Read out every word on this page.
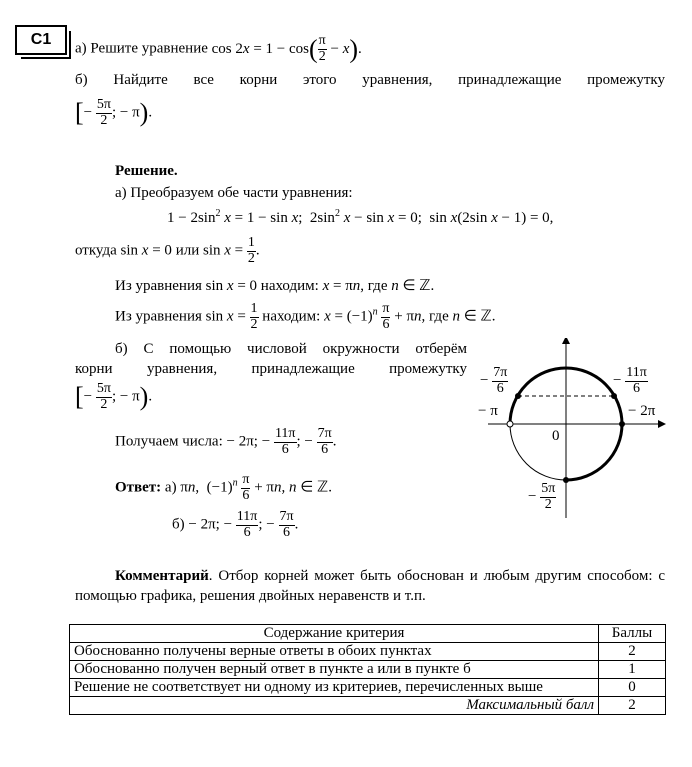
С1
а) Решите уравнение $\cos 2x = 1 - \cos( \frac{\pi}{2} - x)$.
б) Найдите все корни этого уравнения, принадлежащие промежутку
[− $\frac{5\pi}{2}$ ; − π).
Решение.
а) Преобразуем обе части уравнения:
$1 - 2\sin^2$ x = 1 − sin x;  $2\sin^2$ x − sin x = 0;  sin x(2sin x − 1) = 0,
откуда sin x = 0 или $\sin x = \frac{1}{2}$ .
Из уравнения sin x = 0 находим: x = πn, где n ∈ ℤ.
Из уравнения $\sin x = \frac{1}{2}$ находим: $x = (-1)^n \frac{\pi}{6} + \pi n$, где n ∈ ℤ.
б) С помощью числовой окружности отберём
корни уравнения, принадлежащие промежутку
[− $\frac{5\pi}{2}$ ; − π).
Получаем числа: − 2π; − $\frac{11\pi}{6}$ ; − $\frac{7\pi}{6}$ .
Ответ: а) πn,  $(-1)^n \frac{\pi}{6} + \pi n$, n ∈ ℤ.
б) − 2π; − $\frac{11\pi}{6}$ ; − $\frac{7\pi}{6}$ .
− $\frac{7\pi}{6}$	− $\frac{11\pi}{6}$
− π	− 2π
0
− $\frac{5\pi}{2}$
Комментарий. Отбор корней может быть обоснован и любым другим способом: с помощью графика, решения двойных неравенств и т.п.
Содержание критерия	Баллы
Обоснованно получены верные ответы в обоих пунктах	2
Обоснованно получен верный ответ в пункте а или в пункте б	1
Решение не соответствует ни одному из критериев, перечисленных выше	0
Максимальный балл	2
